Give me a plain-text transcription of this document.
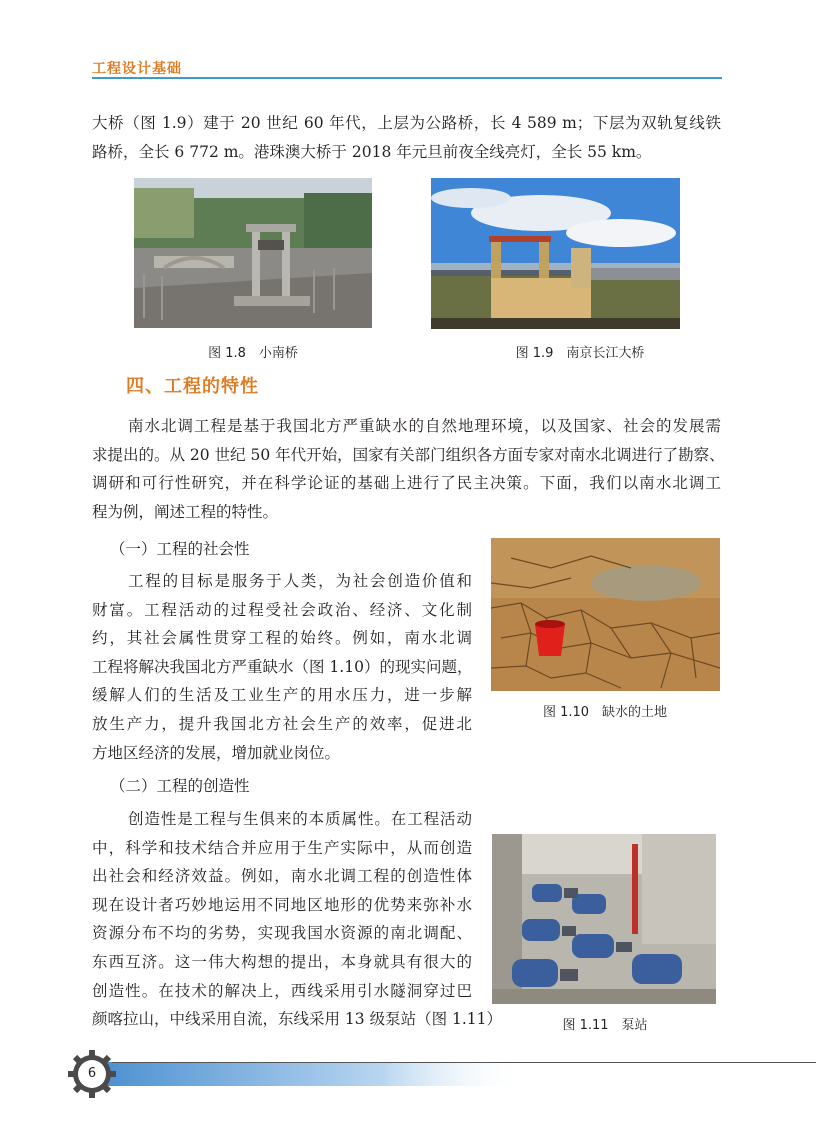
工程设计基础

大桥（图 1.9）建于 20 世纪 60 年代，上层为公路桥，长 4 589 m；下层为双轨复线铁
路桥，全长 6 772 m。港珠澳大桥于 2018 年元旦前夜全线亮灯，全长 55 km。

图 1.8　小南桥	图 1.9　南京长江大桥
四、工程的特性

南水北调工程是基于我国北方严重缺水的自然地理环境，以及国家、社会的发展需
求提出的。从 20 世纪 50 年代开始，国家有关部门组织各方面专家对南水北调进行了勘察、
调研和可行性研究，并在科学论证的基础上进行了民主决策。下面，我们以南水北调工
程为例，阐述工程的特性。

（一）工程的社会性

工程的目标是服务于人类，为社会创造价值和
财富。工程活动的过程受社会政治、经济、文化制
约，其社会属性贯穿工程的始终。例如，南水北调
工程将解决我国北方严重缺水（图 1.10）的现实问题，
缓解人们的生活及工业生产的用水压力，进一步解
放生产力，提升我国北方社会生产的效率，促进北
方地区经济的发展，增加就业岗位。

图 1.10　缺水的土地
（二）工程的创造性

创造性是工程与生俱来的本质属性。在工程活动
中，科学和技术结合并应用于生产实际中，从而创造
出社会和经济效益。例如，南水北调工程的创造性体
现在设计者巧妙地运用不同地区地形的优势来弥补水
资源分布不均的劣势，实现我国水资源的南北调配、
东西互济。这一伟大构想的提出，本身就具有很大的
创造性。在技术的解决上，西线采用引水隧洞穿过巴
颜喀拉山，中线采用自流，东线采用 13 级泵站（图 1.11）	图 1.11　泵站
6
